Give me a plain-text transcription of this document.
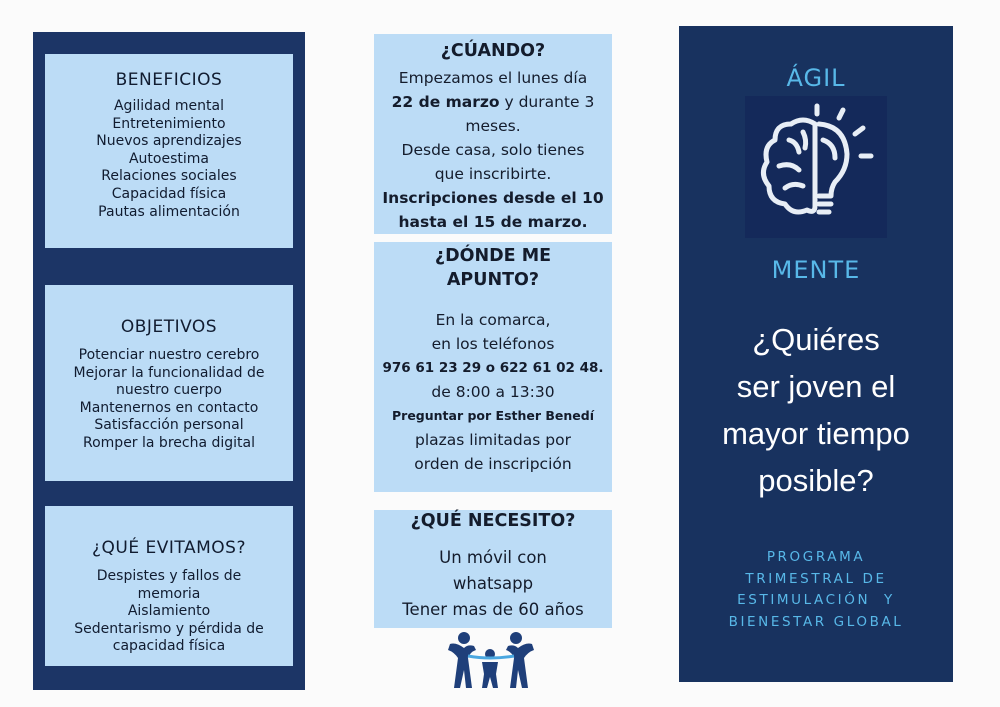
BENEFICIOS
Agilidad mental
Entretenimiento
Nuevos aprendizajes
Autoestima
Relaciones sociales
Capacidad física
Pautas alimentación
OBJETIVOS
Potenciar nuestro cerebro
Mejorar la funcionalidad de
nuestro cuerpo
Mantenernos en contacto
Satisfacción personal
Romper la brecha digital
¿QUÉ EVITAMOS?
Despistes y fallos de
memoria
Aislamiento
Sedentarismo y pérdida de
capacidad física
¿CÚANDO?

Empezamos el lunes día

22 de marzo y durante 3

meses.

Desde casa, solo tienes

que inscribirte.

Inscripciones desde el 10

hasta el 15 de marzo.

¿DÓNDE ME
APUNTO?

En la comarca,

en los teléfonos

976 61 23 29 o 622 61 02 48.

de 8:00 a 13:30

Preguntar por Esther Benedí

plazas limitadas por

orden de inscripción

¿QUÉ NECESITO?

Un móvil con

whatsapp

Tener mas de 60 años

ÁGIL
MENTE
¿Quiéres
ser joven el
mayor tiempo
posible?
PROGRAMA
TRIMESTRAL DE
ESTIMULACIÓN  Y
BIENESTAR GLOBAL
